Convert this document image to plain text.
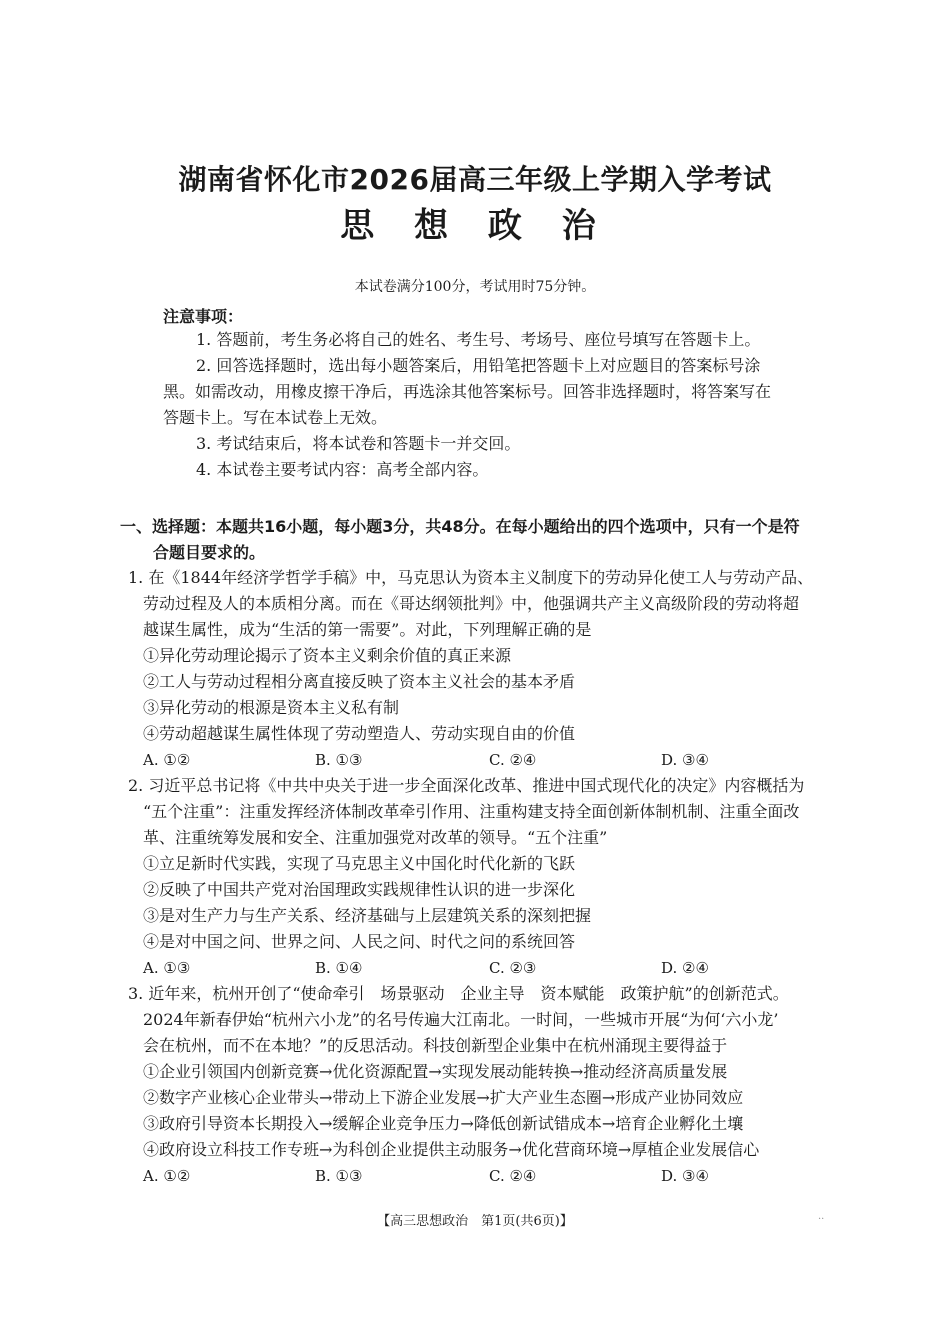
湖南省怀化市2026届高三年级上学期入学考试
思 想 政 治
本试卷满分100分，考试用时75分钟。
注意事项：
1. 答题前，考生务必将自己的姓名、考生号、考场号、座位号填写在答题卡上。
2. 回答选择题时，选出每小题答案后，用铅笔把答题卡上对应题目的答案标号涂
黑。如需改动，用橡皮擦干净后，再选涂其他答案标号。回答非选择题时，将答案写在
答题卡上。写在本试卷上无效。
3. 考试结束后，将本试卷和答题卡一并交回。
4. 本试卷主要考试内容：高考全部内容。
一、选择题：本题共16小题，每小题3分，共48分。在每小题给出的四个选项中，只有一个是符
合题目要求的。
1. 在《1844年经济学哲学手稿》中，马克思认为资本主义制度下的劳动异化使工人与劳动产品、
劳动过程及人的本质相分离。而在《哥达纲领批判》中，他强调共产主义高级阶段的劳动将超
越谋生属性，成为“生活的第一需要”。对此，下列理解正确的是
①异化劳动理论揭示了资本主义剩余价值的真正来源
②工人与劳动过程相分离直接反映了资本主义社会的基本矛盾
③异化劳动的根源是资本主义私有制
④劳动超越谋生属性体现了劳动塑造人、劳动实现自由的价值
A. ①②	B. ①③	C. ②④	D. ③④
2. 习近平总书记将《中共中央关于进一步全面深化改革、推进中国式现代化的决定》内容概括为
“五个注重”：注重发挥经济体制改革牵引作用、注重构建支持全面创新体制机制、注重全面改
革、注重统筹发展和安全、注重加强党对改革的领导。“五个注重”
①立足新时代实践，实现了马克思主义中国化时代化新的飞跃
②反映了中国共产党对治国理政实践规律性认识的进一步深化
③是对生产力与生产关系、经济基础与上层建筑关系的深刻把握
④是对中国之问、世界之问、人民之问、时代之问的系统回答
A. ①③	B. ①④	C. ②③	D. ②④
3. 近年来，杭州开创了“使命牵引　场景驱动　企业主导　资本赋能　政策护航”的创新范式。
2024年新春伊始“杭州六小龙”的名号传遍大江南北。一时间，一些城市开展“为何‘六小龙’
会在杭州，而不在本地？”的反思活动。科技创新型企业集中在杭州涌现主要得益于
①企业引领国内创新竞赛→优化资源配置→实现发展动能转换→推动经济高质量发展
②数字产业核心企业带头→带动上下游企业发展→扩大产业生态圈→形成产业协同效应
③政府引导资本长期投入→缓解企业竞争压力→降低创新试错成本→培育企业孵化土壤
④政府设立科技工作专班→为科创企业提供主动服务→优化营商环境→厚植企业发展信心
A. ①②	B. ①③	C. ②④	D. ③④
【高三思想政治　第1页(共6页)】	··
